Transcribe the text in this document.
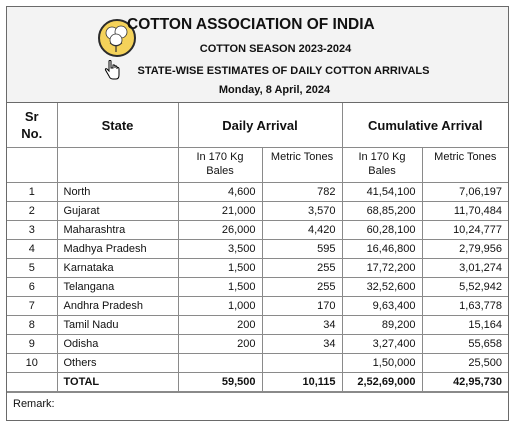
COTTON ASSOCIATION OF INDIA
COTTON SEASON 2023-2024
STATE-WISE ESTIMATES OF DAILY COTTON ARRIVALS
Monday, 8 April, 2024
Sr No.	State	Daily Arrival		Cumulative Arrival	
		In 170 Kg Bales	Metric Tones	In 170 Kg Bales	Metric Tones
1	North	4,600	782	41,54,100	7,06,197
2	Gujarat	21,000	3,570	68,85,200	11,70,484
3	Maharashtra	26,000	4,420	60,28,100	10,24,777
4	Madhya Pradesh	3,500	595	16,46,800	2,79,956
5	Karnataka	1,500	255	17,72,200	3,01,274
6	Telangana	1,500	255	32,52,600	5,52,942
7	Andhra Pradesh	1,000	170	9,63,400	1,63,778
8	Tamil Nadu	200	34	89,200	15,164
9	Odisha	200	34	3,27,400	55,658
10	Others			1,50,000	25,500
	TOTAL	59,500	10,115	2,52,69,000	42,95,730
Remark:
